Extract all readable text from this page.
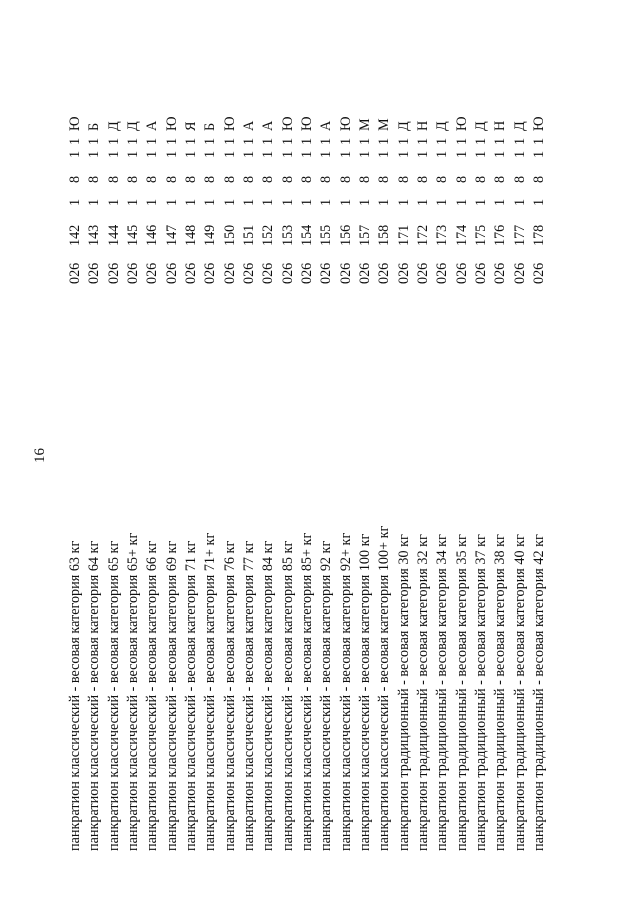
16
панкратион классический - весовая категория 63 кг
026
142
1
8
1
1
Ю
панкратион классический - весовая категория 64 кг
026
143
1
8
1
1
Б
панкратион классический - весовая категория 65 кг
026
144
1
8
1
1
Д
панкратион классический - весовая категория 65+ кг
026
145
1
8
1
1
Д
панкратион классический - весовая категория 66 кг
026
146
1
8
1
1
А
панкратион классический - весовая категория 69 кг
026
147
1
8
1
1
Ю
панкратион классический - весовая категория 71 кг
026
148
1
8
1
1
Я
панкратион классический - весовая категория 71+ кг
026
149
1
8
1
1
Б
панкратион классический - весовая категория 76 кг
026
150
1
8
1
1
Ю
панкратион классический - весовая категория 77 кг
026
151
1
8
1
1
А
панкратион классический - весовая категория 84 кг
026
152
1
8
1
1
А
панкратион классический - весовая категория 85 кг
026
153
1
8
1
1
Ю
панкратион классический - весовая категория 85+ кг
026
154
1
8
1
1
Ю
панкратион классический - весовая категория 92 кг
026
155
1
8
1
1
А
панкратион классический - весовая категория 92+ кг
026
156
1
8
1
1
Ю
панкратион классический - весовая категория 100 кг
026
157
1
8
1
1
М
панкратион классический - весовая категория 100+ кг
026
158
1
8
1
1
М
панкратион традиционный - весовая категория 30 кг
026
171
1
8
1
1
Д
панкратион традиционный - весовая категория 32 кг
026
172
1
8
1
1
Н
панкратион традиционный - весовая категория 34 кг
026
173
1
8
1
1
Д
панкратион традиционный - весовая категория 35 кг
026
174
1
8
1
1
Ю
панкратион традиционный - весовая категория 37 кг
026
175
1
8
1
1
Д
панкратион традиционный - весовая категория 38 кг
026
176
1
8
1
1
Н
панкратион традиционный - весовая категория 40 кг
026
177
1
8
1
1
Д
панкратион традиционный - весовая категория 42 кг
026
178
1
8
1
1
Ю
